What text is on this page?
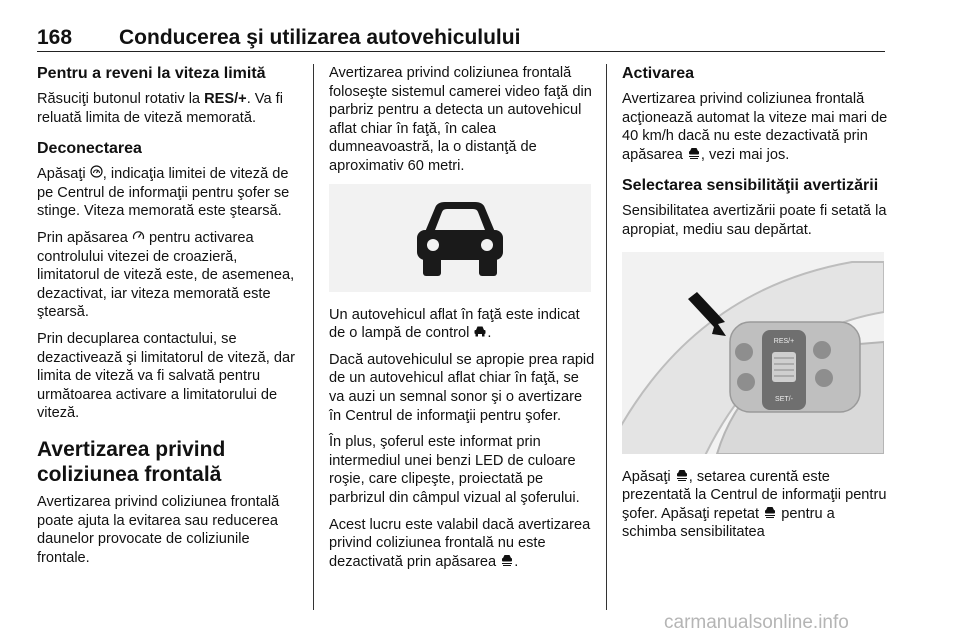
168 Conducerea şi utilizarea autovehiculului
Pentru a reveni la viteza limită

Răsuciţi butonul rotativ la RES/+. Va fi reluată limita de viteză memorată.

Deconectarea

Apăsaţi , indicaţia limitei de viteză de pe Centrul de informaţii pentru şofer se stinge. Viteza memorată este ştearsă.

Prin apăsarea  pentru activarea controlului vitezei de croazieră, limitatorul de viteză este, de asemenea, dezactivat, iar viteza memorată este ştearsă.

Prin decuplarea contactului, se dezactivează şi limitatorul de viteză, dar limita de viteză va fi salvată pentru următoarea activare a limitatorului de viteză.

Avertizarea privind coliziunea frontală

Avertizarea privind coliziunea frontală poate ajuta la evitarea sau reducerea daunelor provocate de coliziunile frontale.

Avertizarea privind coliziunea frontală foloseşte sistemul camerei video faţă din parbriz pentru a detecta un autovehicul aflat chiar în faţă, în calea dumneavoastră, la o distanţă de aproximativ 60 metri.

Un autovehicul aflat în faţă este indicat de o lampă de control .

Dacă autovehiculul se apropie prea rapid de un autovehicul aflat chiar în faţă, se va auzi un semnal sonor şi o avertizare în Centrul de informaţii pentru şofer.

În plus, şoferul este informat prin intermediul unei benzi LED de culoare roşie, care clipeşte, proiectată pe parbrizul din câmpul vizual al şoferului.

Acest lucru este valabil dacă avertizarea privind coliziunea frontală nu este dezactivată prin apăsarea .

Activarea

Avertizarea privind coliziunea frontală acţionează automat la viteze mai mari de 40 km/h dacă nu este dezactivată prin apăsarea , vezi mai jos.

Selectarea sensibilităţii avertizării

Sensibilitatea avertizării poate fi setată la apropiat, mediu sau depărtat.

RES/+
SET/-

Apăsaţi , setarea curentă este prezentată la Centrul de informaţii pentru şofer. Apăsaţi repetat  pentru a schimba sensibilitatea

carmanualsonline.info
